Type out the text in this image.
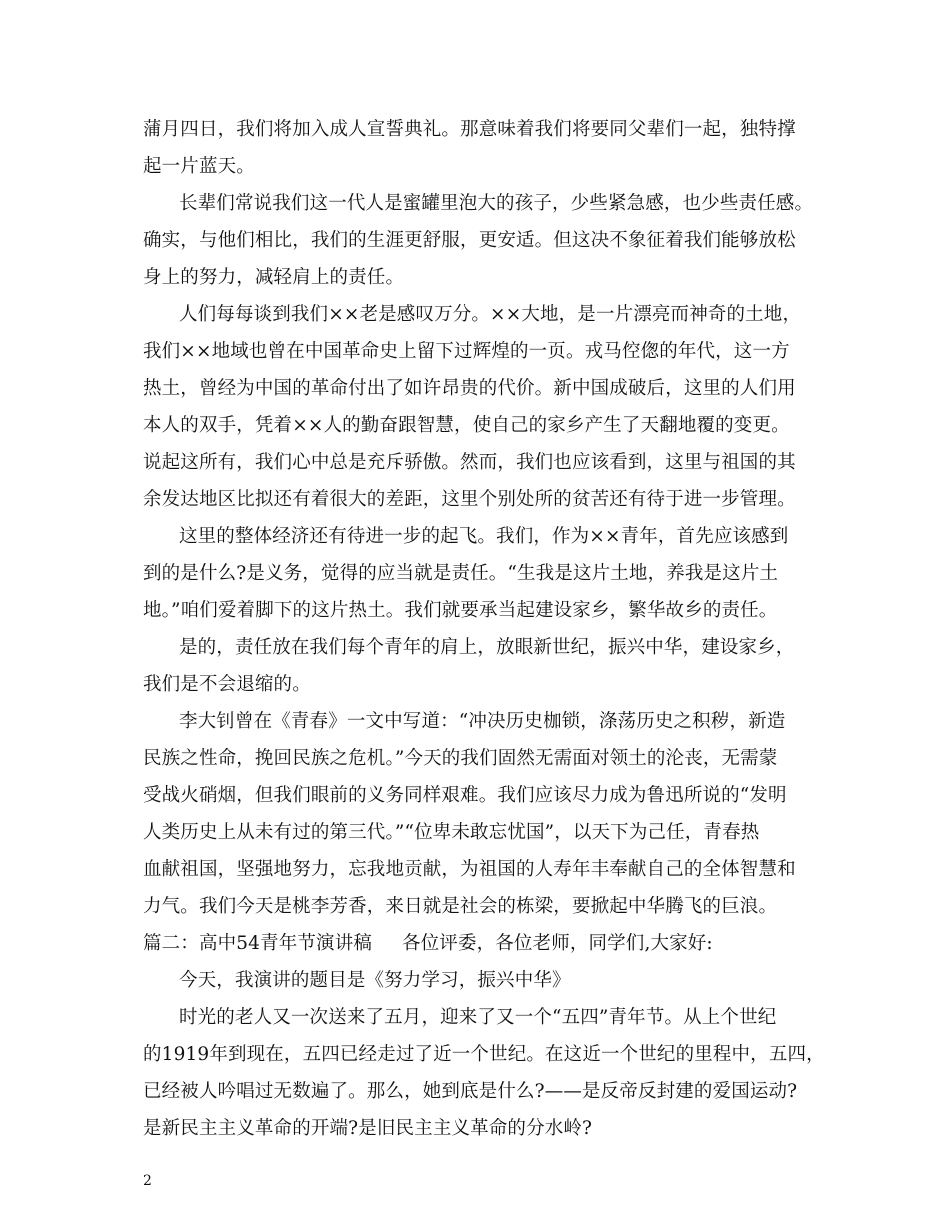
蒲月四日，我们将加入成人宣誓典礼。那意味着我们将要同父辈们一起，独特撑
起一片蓝天。
长辈们常说我们这一代人是蜜罐里泡大的孩子，少些紧急感，也少些责任感。
确实，与他们相比，我们的生涯更舒服，更安适。但这决不象征着我们能够放松
身上的努力，减轻肩上的责任。
人们每每谈到我们××老是感叹万分。××大地，是一片漂亮而神奇的土地，
我们××地域也曾在中国革命史上留下过辉煌的一页。戎马倥偬的年代，这一方
热土，曾经为中国的革命付出了如许昂贵的代价。新中国成破后，这里的人们用
本人的双手，凭着××人的勤奋跟智慧，使自己的家乡产生了天翻地覆的变更。
说起这所有，我们心中总是充斥骄傲。然而，我们也应该看到，这里与祖国的其
余发达地区比拟还有着很大的差距，这里个别处所的贫苦还有待于进一步管理。
这里的整体经济还有待进一步的起飞。我们，作为××青年，首先应该感到
到的是什么?是义务，觉得的应当就是责任。“生我是这片土地，养我是这片土
地。”咱们爱着脚下的这片热土。我们就要承当起建设家乡，繁华故乡的责任。
是的，责任放在我们每个青年的肩上，放眼新世纪，振兴中华，建设家乡，
我们是不会退缩的。
李大钊曾在《青春》一文中写道：“冲决历史枷锁，涤荡历史之积秽，新造
民族之性命，挽回民族之危机。”今天的我们固然无需面对领土的沦丧，无需蒙
受战火硝烟，但我们眼前的义务同样艰难。我们应该尽力成为鲁迅所说的“发明
人类历史上从未有过的第三代。”“位卑未敢忘忧国”，以天下为己任，青春热
血献祖国，坚强地努力，忘我地贡献，为祖国的人寿年丰奉献自己的全体智慧和
力气。我们今天是桃李芳香，来日就是社会的栋梁，要掀起中华腾飞的巨浪。
篇二：高中54青年节演讲稿 各位评委，各位老师，同学们,大家好:
今天，我演讲的题目是《努力学习，振兴中华》
时光的老人又一次送来了五月，迎来了又一个“五四”青年节。从上个世纪
的1919年到现在，五四已经走过了近一个世纪。在这近一个世纪的里程中，五四，
已经被人吟唱过无数遍了。那么，她到底是什么?——是反帝反封建的爱国运动?
是新民主主义革命的开端?是旧民主主义革命的分水岭?
2
